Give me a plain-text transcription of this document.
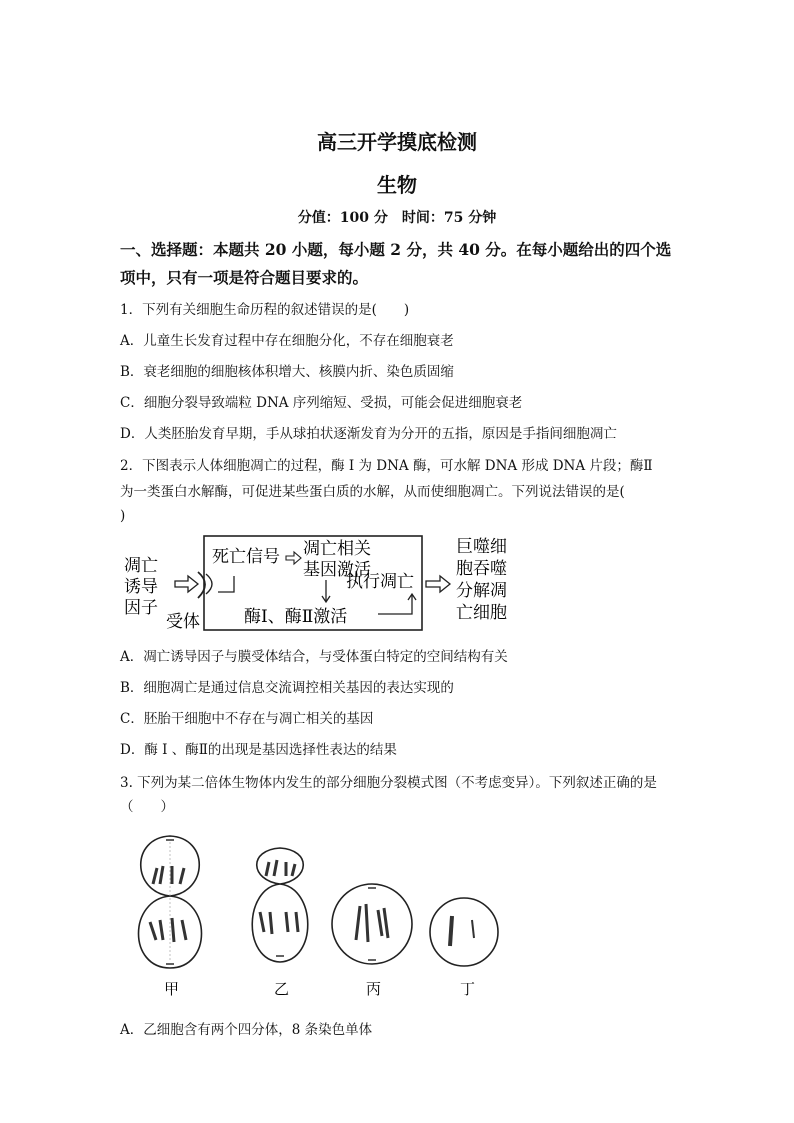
高三开学摸底检测
生物
分值：100 分　时间：75 分钟
一、选择题：本题共 20 小题，每小题 2 分，共 40 分。在每小题给出的四个选
项中，只有一项是符合题目要求的。
1．下列有关细胞生命历程的叙述错误的是(　　)
A．儿童生长发育过程中存在细胞分化，不存在细胞衰老
B．衰老细胞的细胞核体积增大、核膜内折、染色质固缩
C．细胞分裂导致端粒 DNA 序列缩短、受损，可能会促进细胞衰老
D．人类胚胎发育早期，手从球拍状逐渐发育为分开的五指，原因是手指间细胞凋亡
2．下图表示人体细胞凋亡的过程，酶 I 为 DNA 酶，可水解 DNA 形成 DNA 片段；酶Ⅱ
为一类蛋白水解酶，可促进某些蛋白质的水解，从而使细胞凋亡。下列说法错误的是(
)
凋亡
诱导
因子
受体
死亡信号 凋亡相关
基因激活
执行凋亡
酶Ⅰ、酶Ⅱ激活
巨噬细
胞吞噬
分解凋
亡细胞
A．凋亡诱导因子与膜受体结合，与受体蛋白特定的空间结构有关
B．细胞凋亡是通过信息交流调控相关基因的表达实现的
C．胚胎干细胞中不存在与凋亡相关的基因
D．酶 I 、酶Ⅱ的出现是基因选择性表达的结果
3. 下列为某二倍体生物体内发生的部分细胞分裂模式图（不考虑变异）。下列叙述正确的是
（　　）
甲	乙	丙	丁
A．乙细胞含有两个四分体，8 条染色单体
